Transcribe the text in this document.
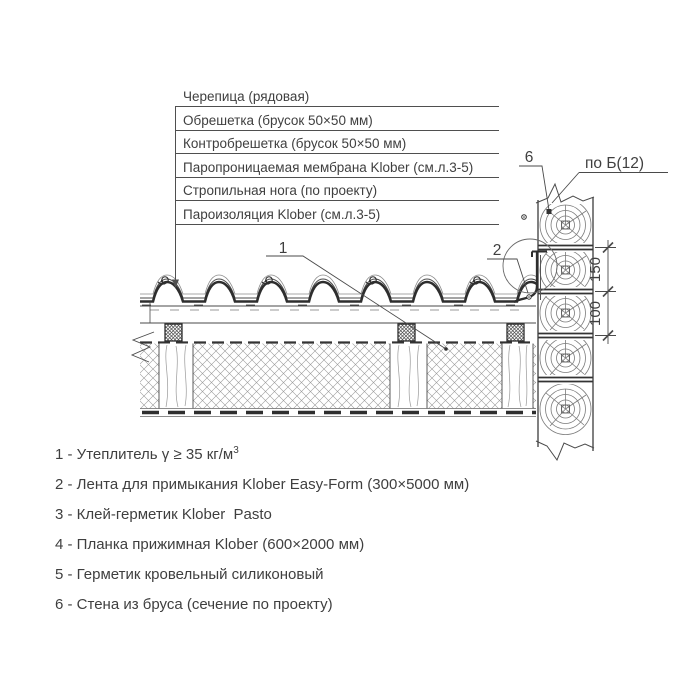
1	2
6	по Б(12)
150
100
Черепица (рядовая)
Обрешетка (брусок 50×50 мм)
Контробрешетка (брусок 50×50 мм)
Паропроницаемая мембрана Klober (см.л.3-5)
Стропильная нога (по проекту)
Пароизоляция Klober (см.л.3-5)
1 - Утеплитель γ ≥ 35 $кг/м^3$
2 - Лента для примыкания Klober Easy-Form (300×5000 мм)
3 - Клей-герметик Klober  Pasto
4 - Планка прижимная Klober (600×2000 мм)
5 - Герметик кровельный силиконовый
6 - Стена из бруса (сечение по проекту)
